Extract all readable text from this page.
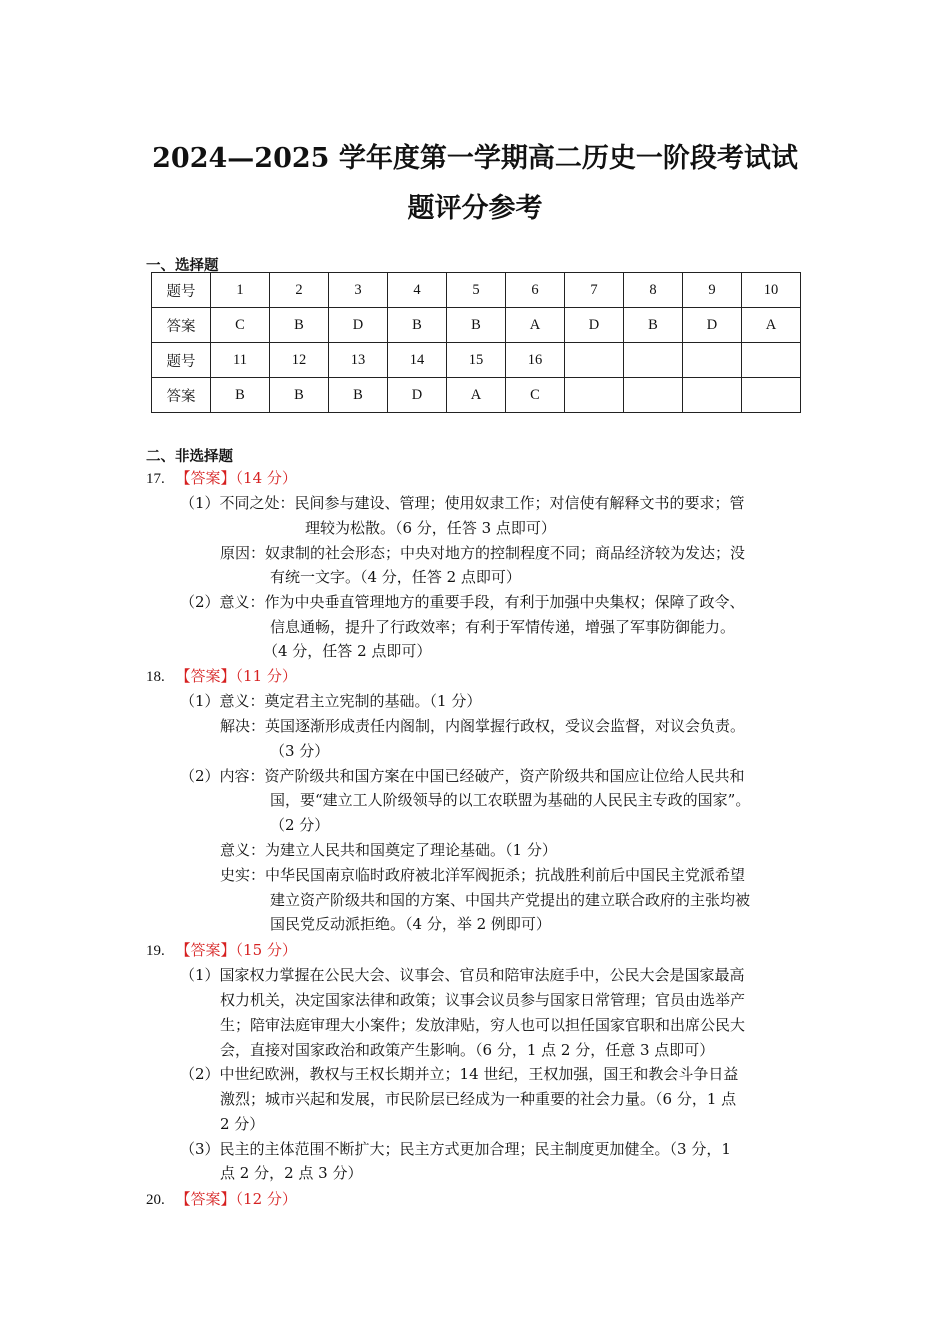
2024—2025 学年度第一学期高二历史一阶段考试试
题评分参考
一、选择题
题号	1	2	3	4	5	6	7	8	9	10
答案	C	B	D	B	B	A	D	B	D	A
题号	11	12	13	14	15	16				
答案	B	B	B	D	A	C				
二、非选择题
17. 【答案】（14 分）
（1）不同之处：民间参与建设、管理；使用奴隶工作；对信使有解释文书的要求；管
理较为松散。（6 分，任答 3 点即可）
原因：奴隶制的社会形态；中央对地方的控制程度不同；商品经济较为发达；没
有统一文字。（4 分，任答 2 点即可）
（2）意义：作为中央垂直管理地方的重要手段，有利于加强中央集权；保障了政令、
信息通畅，提升了行政效率；有利于军情传递，增强了军事防御能力。
（4 分，任答 2 点即可）
18. 【答案】（11 分）
（1）意义：奠定君主立宪制的基础。（1 分）
解决：英国逐渐形成责任内阁制，内阁掌握行政权，受议会监督，对议会负责。
（3 分）
（2）内容：资产阶级共和国方案在中国已经破产，资产阶级共和国应让位给人民共和
国，要“建立工人阶级领导的以工农联盟为基础的人民民主专政的国家”。
（2 分）
意义：为建立人民共和国奠定了理论基础。（1 分）
史实：中华民国南京临时政府被北洋军阀扼杀；抗战胜利前后中国民主党派希望
建立资产阶级共和国的方案、中国共产党提出的建立联合政府的主张均被
国民党反动派拒绝。（4 分，举 2 例即可）
19. 【答案】（15 分）
（1）国家权力掌握在公民大会、议事会、官员和陪审法庭手中，公民大会是国家最高
权力机关，决定国家法律和政策；议事会议员参与国家日常管理；官员由选举产
生；陪审法庭审理大小案件；发放津贴，穷人也可以担任国家官职和出席公民大
会，直接对国家政治和政策产生影响。（6 分，1 点 2 分，任意 3 点即可）
（2）中世纪欧洲，教权与王权长期并立；14 世纪，王权加强，国王和教会斗争日益
激烈；城市兴起和发展，市民阶层已经成为一种重要的社会力量。（6 分，1 点
2 分）
（3）民主的主体范围不断扩大；民主方式更加合理；民主制度更加健全。（3 分，1
点 2 分，2 点 3 分）
20. 【答案】（12 分）
